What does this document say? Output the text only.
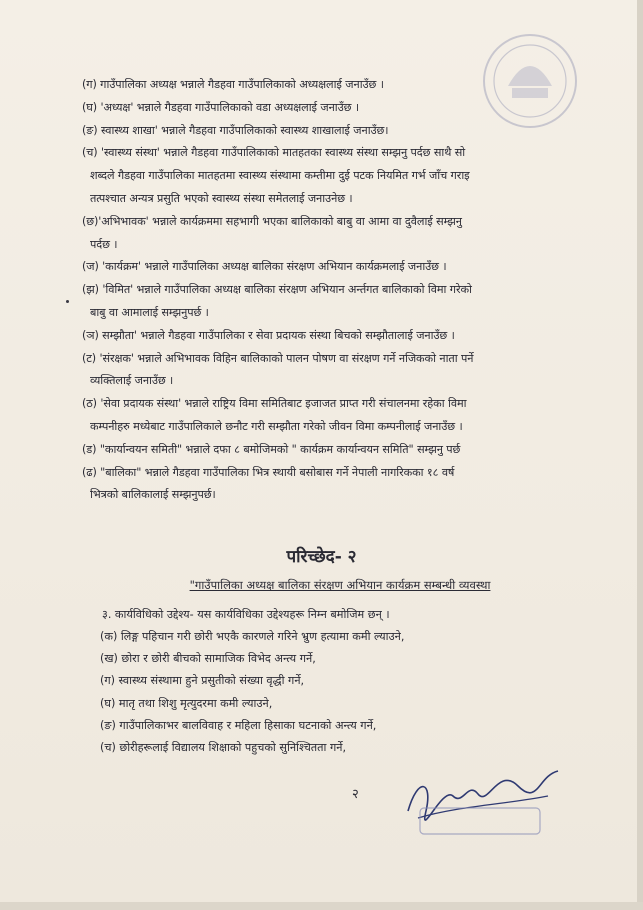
(ग) गाउँपालिका अध्यक्ष भन्नाले गैडहवा गाउँपालिकाको अध्यक्षलाई जनाउँछ ।
(घ) 'अध्यक्ष' भन्नाले गैडहवा गाउँपालिकाको वडा अध्यक्षलाई जनाउँछ ।
(ङ) स्वास्थ्य शाखा' भन्नाले गैडहवा गाउँपालिकाको स्वास्थ्य शाखालाई जनाउँछ।
(च) 'स्वास्थ्य संस्था' भन्नाले गैडहवा गाउँपालिकाको मातहतका स्वास्थ्य संस्था सम्झनु पर्दछ साथै सो
शब्दले गैडहवा गाउँपालिका मातहतमा स्वास्थ्य संस्थामा कम्तीमा दुई पटक नियमित गर्भ जाँच गराइ
तत्पश्चात अन्यत्र प्रसुति भएको स्वास्थ्य संस्था समेतलाई जनाउनेछ ।
(छ)'अभिभावक' भन्नाले कार्यक्रममा सहभागी भएका बालिकाको बाबु वा आमा वा दुवैलाई सम्झनु
पर्दछ ।
(ज) 'कार्यक्रम' भन्नाले गाउँपालिका अध्यक्ष बालिका संरक्षण अभियान कार्यक्रमलाई जनाउँछ ।
(झ) 'विमित' भन्नाले गाउँपालिका अध्यक्ष बालिका संरक्षण अभियान अर्न्तगत बालिकाको विमा गरेको
बाबु वा आमालाई सम्झनुपर्छ ।
(ञ) सम्झौता' भन्नाले गैडहवा गाउँपालिका र सेवा प्रदायक संस्था बिचको सम्झौतालाई जनाउँछ ।
(ट) 'संरक्षक' भन्नाले अभिभावक विहिन बालिकाको पालन पोषण वा संरक्षण गर्ने नजिकको नाता पर्ने
व्यक्तिलाई जनाउँछ ।
(ठ) 'सेवा प्रदायक संस्था' भन्नाले राष्ट्रिय विमा समितिबाट इजाजत प्राप्त गरी संचालनमा रहेका विमा
कम्पनीहरु मध्येबाट गाउँपालिकाले छनौट गरी सम्झौता गरेको जीवन विमा कम्पनीलाई जनाउँछ ।
(ड) "कार्यान्वयन समिती" भन्नाले दफा ८ बमोजिमको " कार्यक्रम कार्यान्वयन समिति" सम्झनु पर्छ
(ढ) "बालिका" भन्नाले गैडहवा गाउँपालिका भित्र स्थायी बसोबास गर्ने नेपाली नागरिकका १८ वर्ष
भित्रको बालिकालाई सम्झनुपर्छ।
परिच्छेद- २
"गाउँपालिका अध्यक्ष बालिका संरक्षण अभियान कार्यक्रम सम्बन्धी व्यवस्था
३. कार्यविधिको उद्देश्य- यस कार्यविधिका उद्देश्यहरू निम्न बमोजिम छन् ।
(क) लिङ्ग पहिचान गरी छोरी भएकै कारणले गरिने भ्रुण हत्यामा कमी ल्याउने,
(ख) छोरा र छोरी बीचको सामाजिक विभेद अन्त्य गर्ने,
(ग) स्वास्थ्य संस्थामा हुने प्रसुतीको संख्या वृद्धी गर्ने,
(घ) मातृ तथा शिशु मृत्युदरमा कमी ल्याउने,
(ङ) गाउँपालिकाभर बालविवाह र महिला हिसाका घटनाको अन्त्य गर्ने,
(च) छोरीहरूलाई विद्यालय शिक्षाको पहुचको सुनिश्चितता गर्ने,
२
